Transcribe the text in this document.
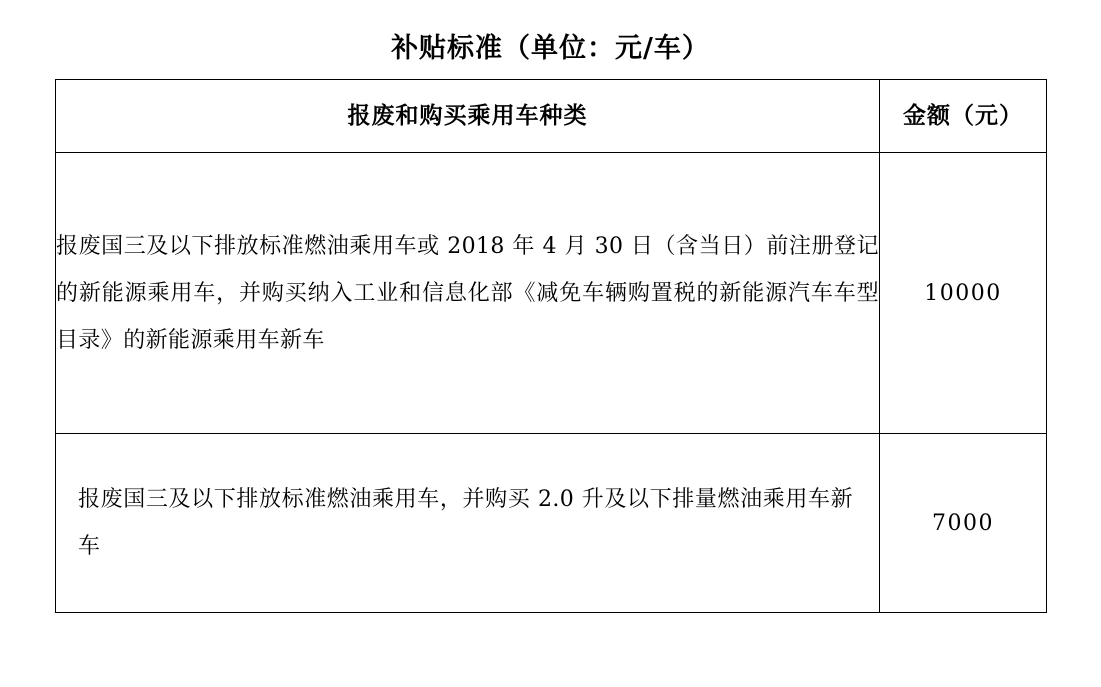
补贴标准（单位：元/车）
报废和购买乘用车种类	金额（元）
报废国三及以下排放标准燃油乘用车或 2018 年 4 月 30 日（含当日）前注册登记的新能源乘用车，并购买纳入工业和信息化部《减免车辆购置税的新能源汽车车型目录》的新能源乘用车新车	10000
报废国三及以下排放标准燃油乘用车，并购买 2.0 升及以下排量燃油乘用车新车	7000
